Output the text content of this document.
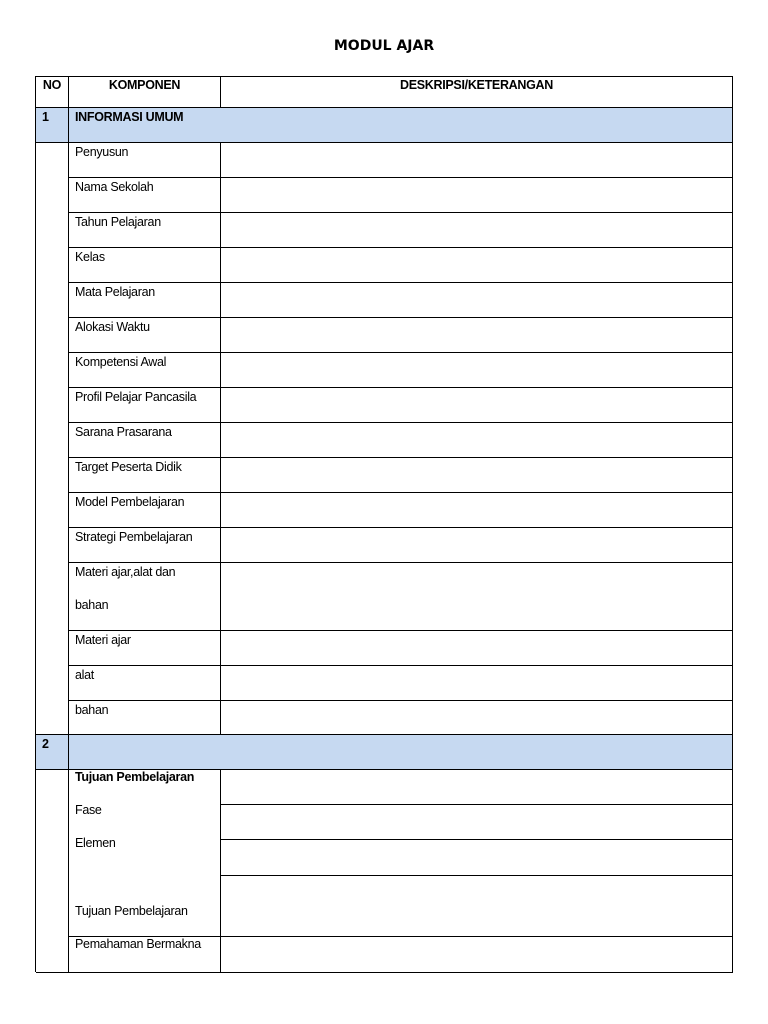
MODUL AJAR
NO	KOMPONEN	DESKRIPSI/KETERANGAN
1 INFORMASI UMUM
Penyusun
Nama Sekolah
Tahun Pelajaran
Kelas
Mata Pelajaran
Alokasi Waktu
Kompetensi Awal
Profil Pelajar Pancasila
Sarana Prasarana
Target Peserta Didik
Model Pembelajaran
Strategi Pembelajaran
Materi ajar,alat dan
bahan
Materi ajar
alat
bahan
2
Tujuan Pembelajaran
Fase
Elemen
Tujuan Pembelajaran
Pemahaman Bermakna
